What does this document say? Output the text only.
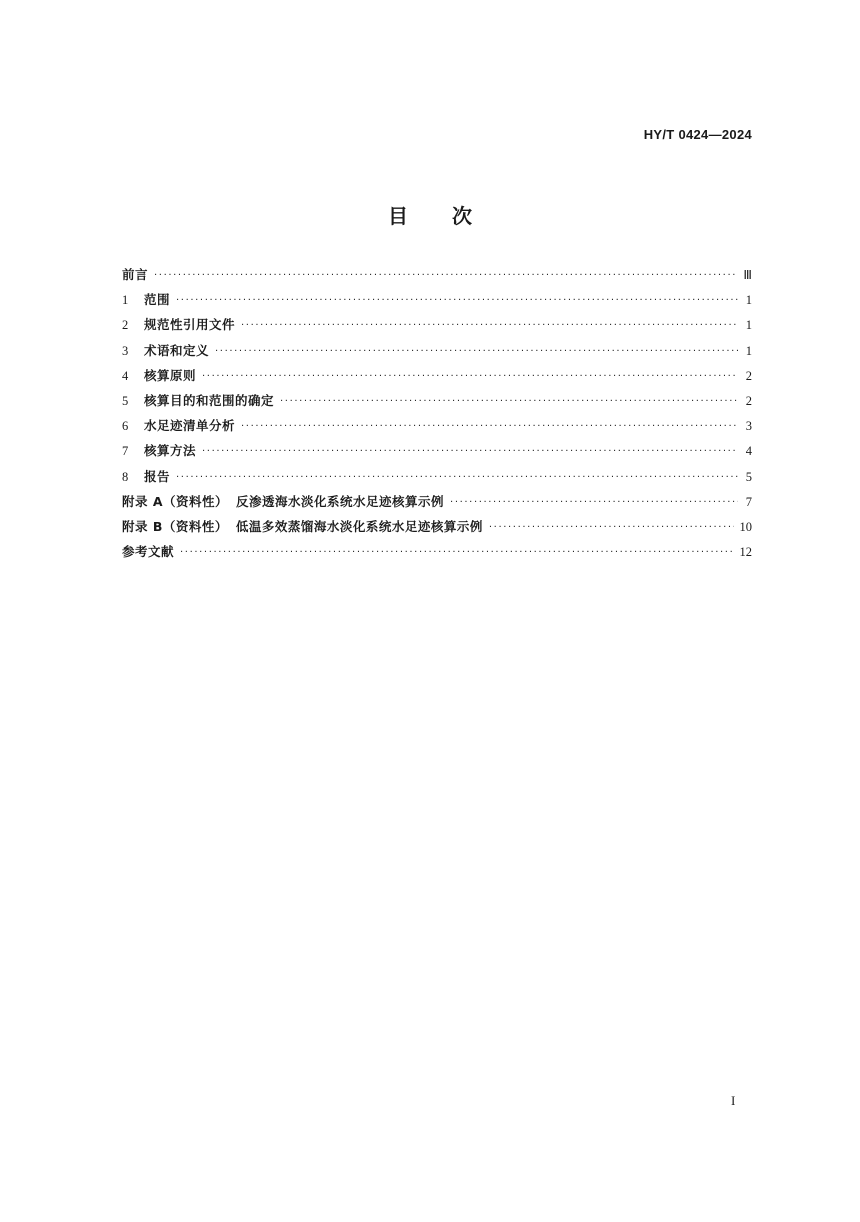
HY/T 0424—2024
目 次
前言 ·····	Ⅲ
1	范围 ·····	1
2	规范性引用文件 ·····	1
3	术语和定义 ·····	1
4	核算原则 ·····	2
5	核算目的和范围的确定 ·····	2
6	水足迹清单分析 ·····	3
7	核算方法 ·····	4
8	报告 ·····	5
附录 A（资料性） 反渗透海水淡化系统水足迹核算示例 ·····	7
附录 B（资料性） 低温多效蒸馏海水淡化系统水足迹核算示例 ·····	10
参考文献 ·····	12
I
